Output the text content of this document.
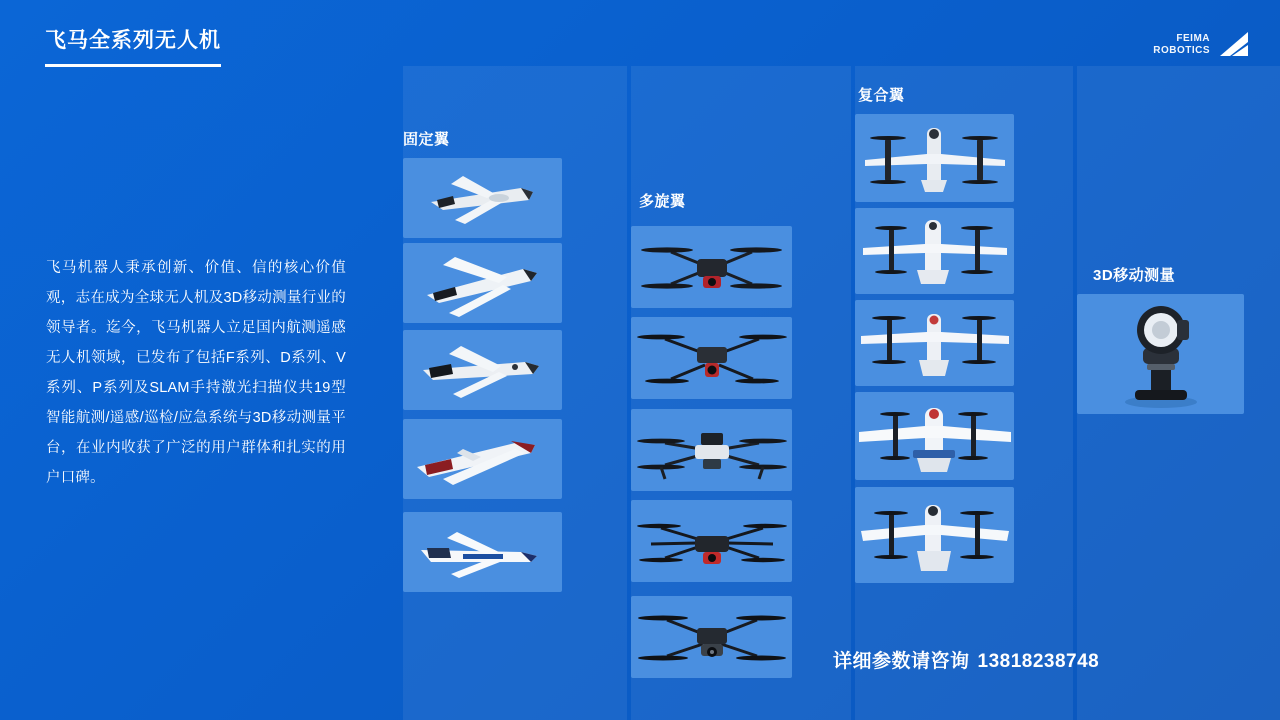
飞马全系列无人机	FEIMA
ROBOTICS

飞马机器人秉承创新、价值、信的核心价值观，志在成为全球无人机及3D移动测量行业的领导者。迄今，飞马机器人立足国内航测遥感无人机领域，已发布了包括F系列、D系列、V系列、P系列及SLAM手持激光扫描仪共19型智能航测/遥感/巡检/应急系统与3D移动测量平台，在业内收获了广泛的用户群体和扎实的用户口碑。

固定翼
多旋翼
复合翼
3D移动测量
详细参数请咨询 13818238748
